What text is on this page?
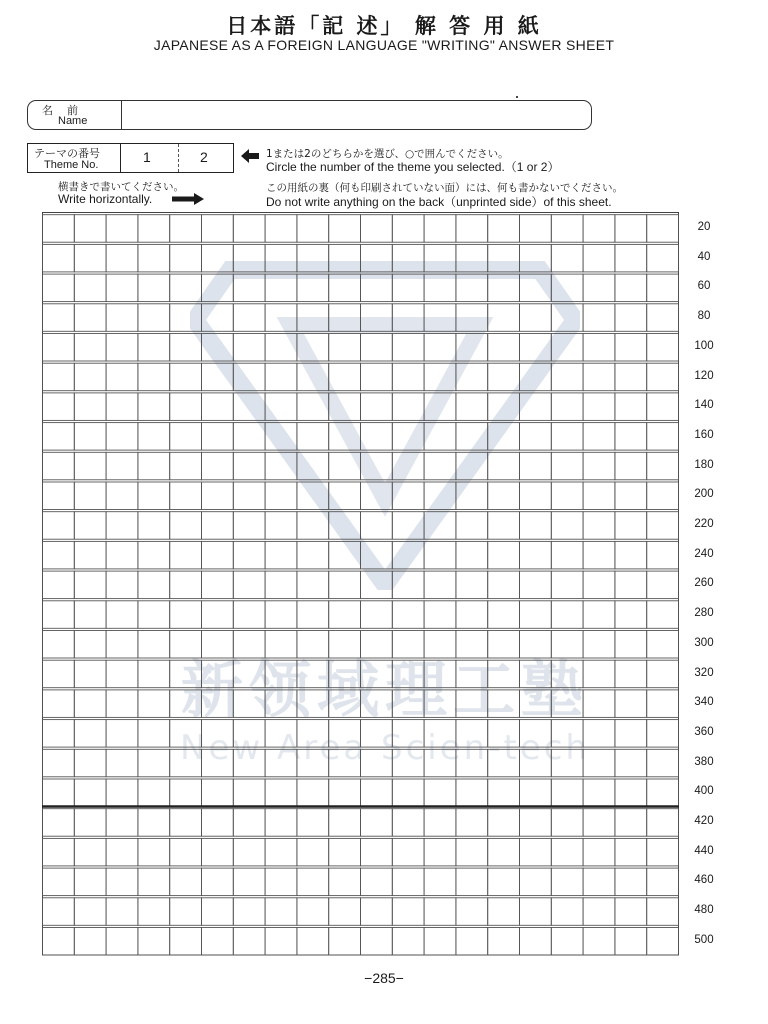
日本語「記 述」 解 答 用 紙
JAPANESE AS A FOREIGN LANGUAGE "WRITING" ANSWER SHEET
名前
Name
テーマの番号
Theme No.	1	2	1または2のどちらかを選び、○で囲んでください。
Circle the number of the theme you selected.（1 or 2）
横書きで書いてください。
Write horizontally.
この用紙の裏（何も印刷されていない面）には、何も書かないでください。
Do not write anything on the back（unprinted side）of this sheet.
新领域理工塾
New Area Scien-tech
20
40
60
80
100
120
140
160
180
200
220
240
260
280
300
320
340
360
380
400
420
440
460
480
500
−285−
